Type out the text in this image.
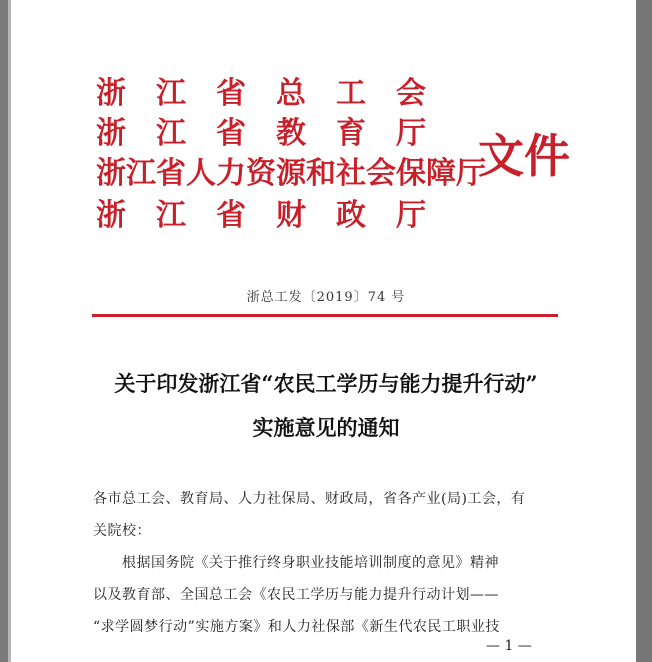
浙　江　省　总　工　会
浙　江　省　教　育　厅
浙江省人力资源和社会保障厅
浙　江　省　财　政　厅
文件
浙总工发〔2019〕74 号
关于印发浙江省“农民工学历与能力提升行动”
实施意见的通知
各市总工会、教育局、人力社保局、财政局，省各产业(局)工会，有
关院校：
　　根据国务院《关于推行终身职业技能培训制度的意见》精神
以及教育部、全国总工会《农民工学历与能力提升行动计划——
“求学圆梦行动”实施方案》和人力社保部《新生代农民工职业技
— 1 —
